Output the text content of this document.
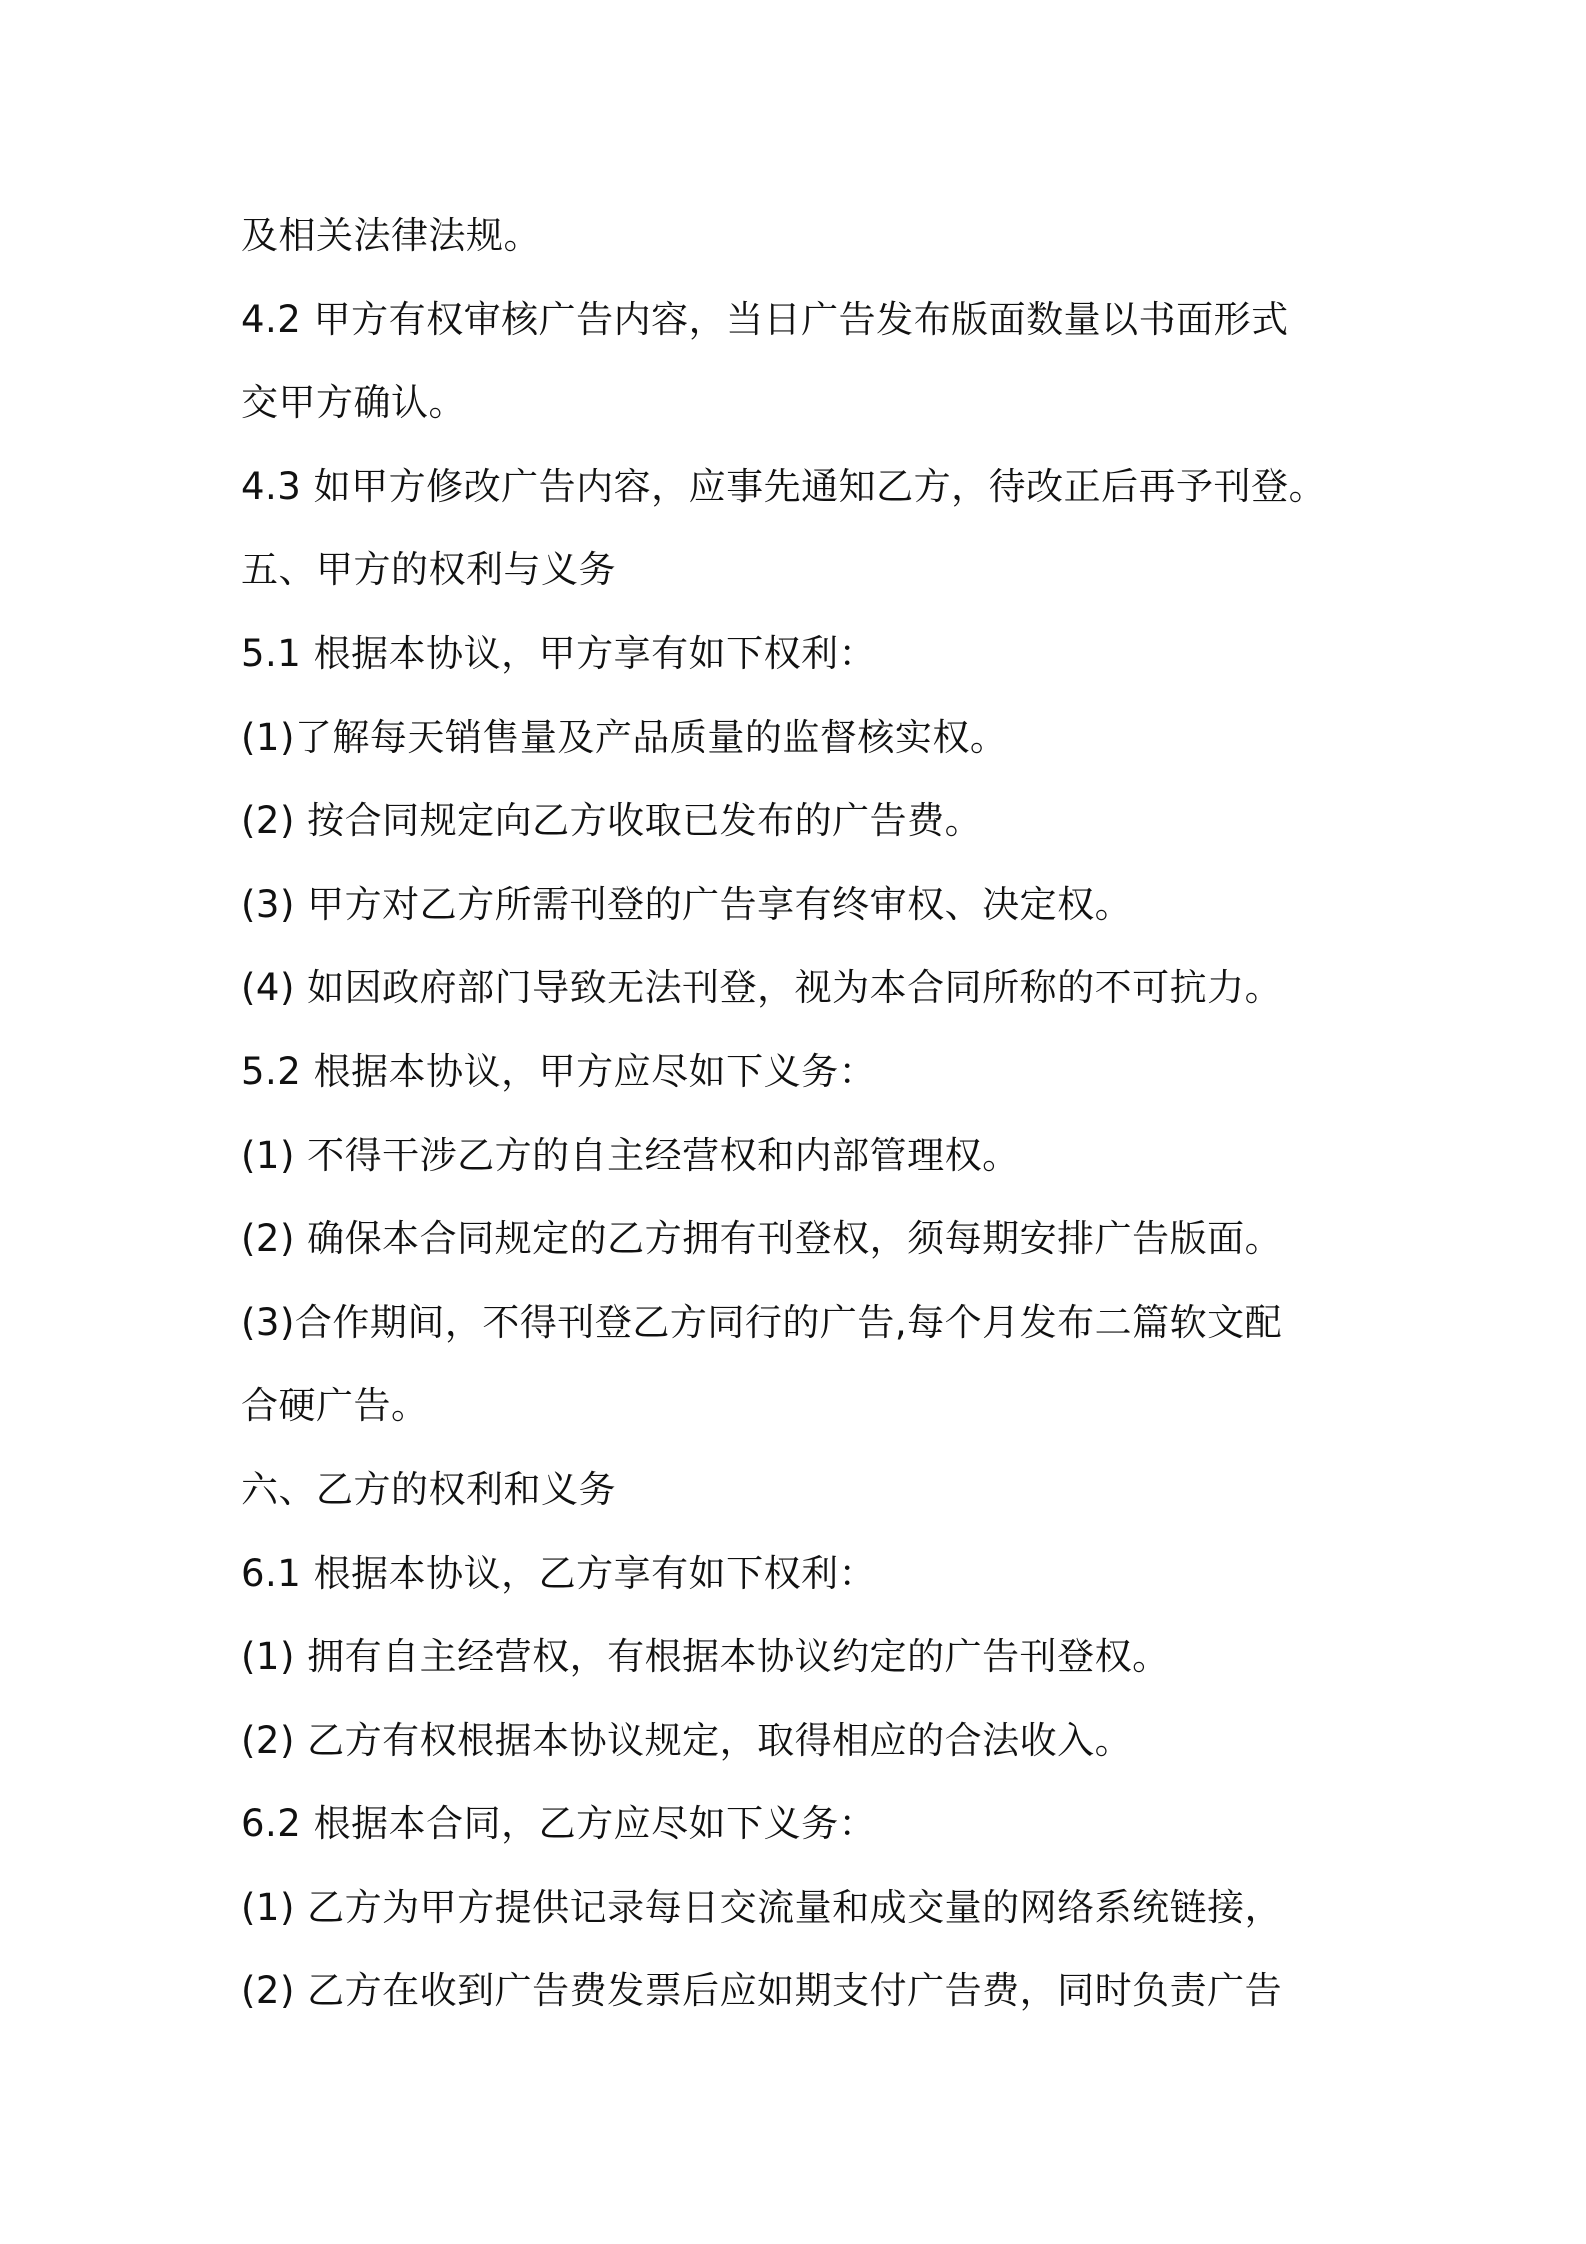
及相关法律法规。
4.2 甲方有权审核广告内容，当日广告发布版面数量以书面形式
交甲方确认。
4.3 如甲方修改广告内容，应事先通知乙方，待改正后再予刊登。
五、甲方的权利与义务
5.1 根据本协议，甲方享有如下权利：
(1)了解每天销售量及产品质量的监督核实权。
(2) 按合同规定向乙方收取已发布的广告费。
(3) 甲方对乙方所需刊登的广告享有终审权、决定权。
(4) 如因政府部门导致无法刊登，视为本合同所称的不可抗力。
5.2 根据本协议，甲方应尽如下义务：
(1) 不得干涉乙方的自主经营权和内部管理权。
(2) 确保本合同规定的乙方拥有刊登权，须每期安排广告版面。
(3)合作期间，不得刊登乙方同行的广告,每个月发布二篇软文配
合硬广告。
六、乙方的权利和义务
6.1 根据本协议，乙方享有如下权利：
(1) 拥有自主经营权，有根据本协议约定的广告刊登权。
(2) 乙方有权根据本协议规定，取得相应的合法收入。
6.2 根据本合同，乙方应尽如下义务：
(1) 乙方为甲方提供记录每日交流量和成交量的网络系统链接，
(2) 乙方在收到广告费发票后应如期支付广告费，同时负责广告
